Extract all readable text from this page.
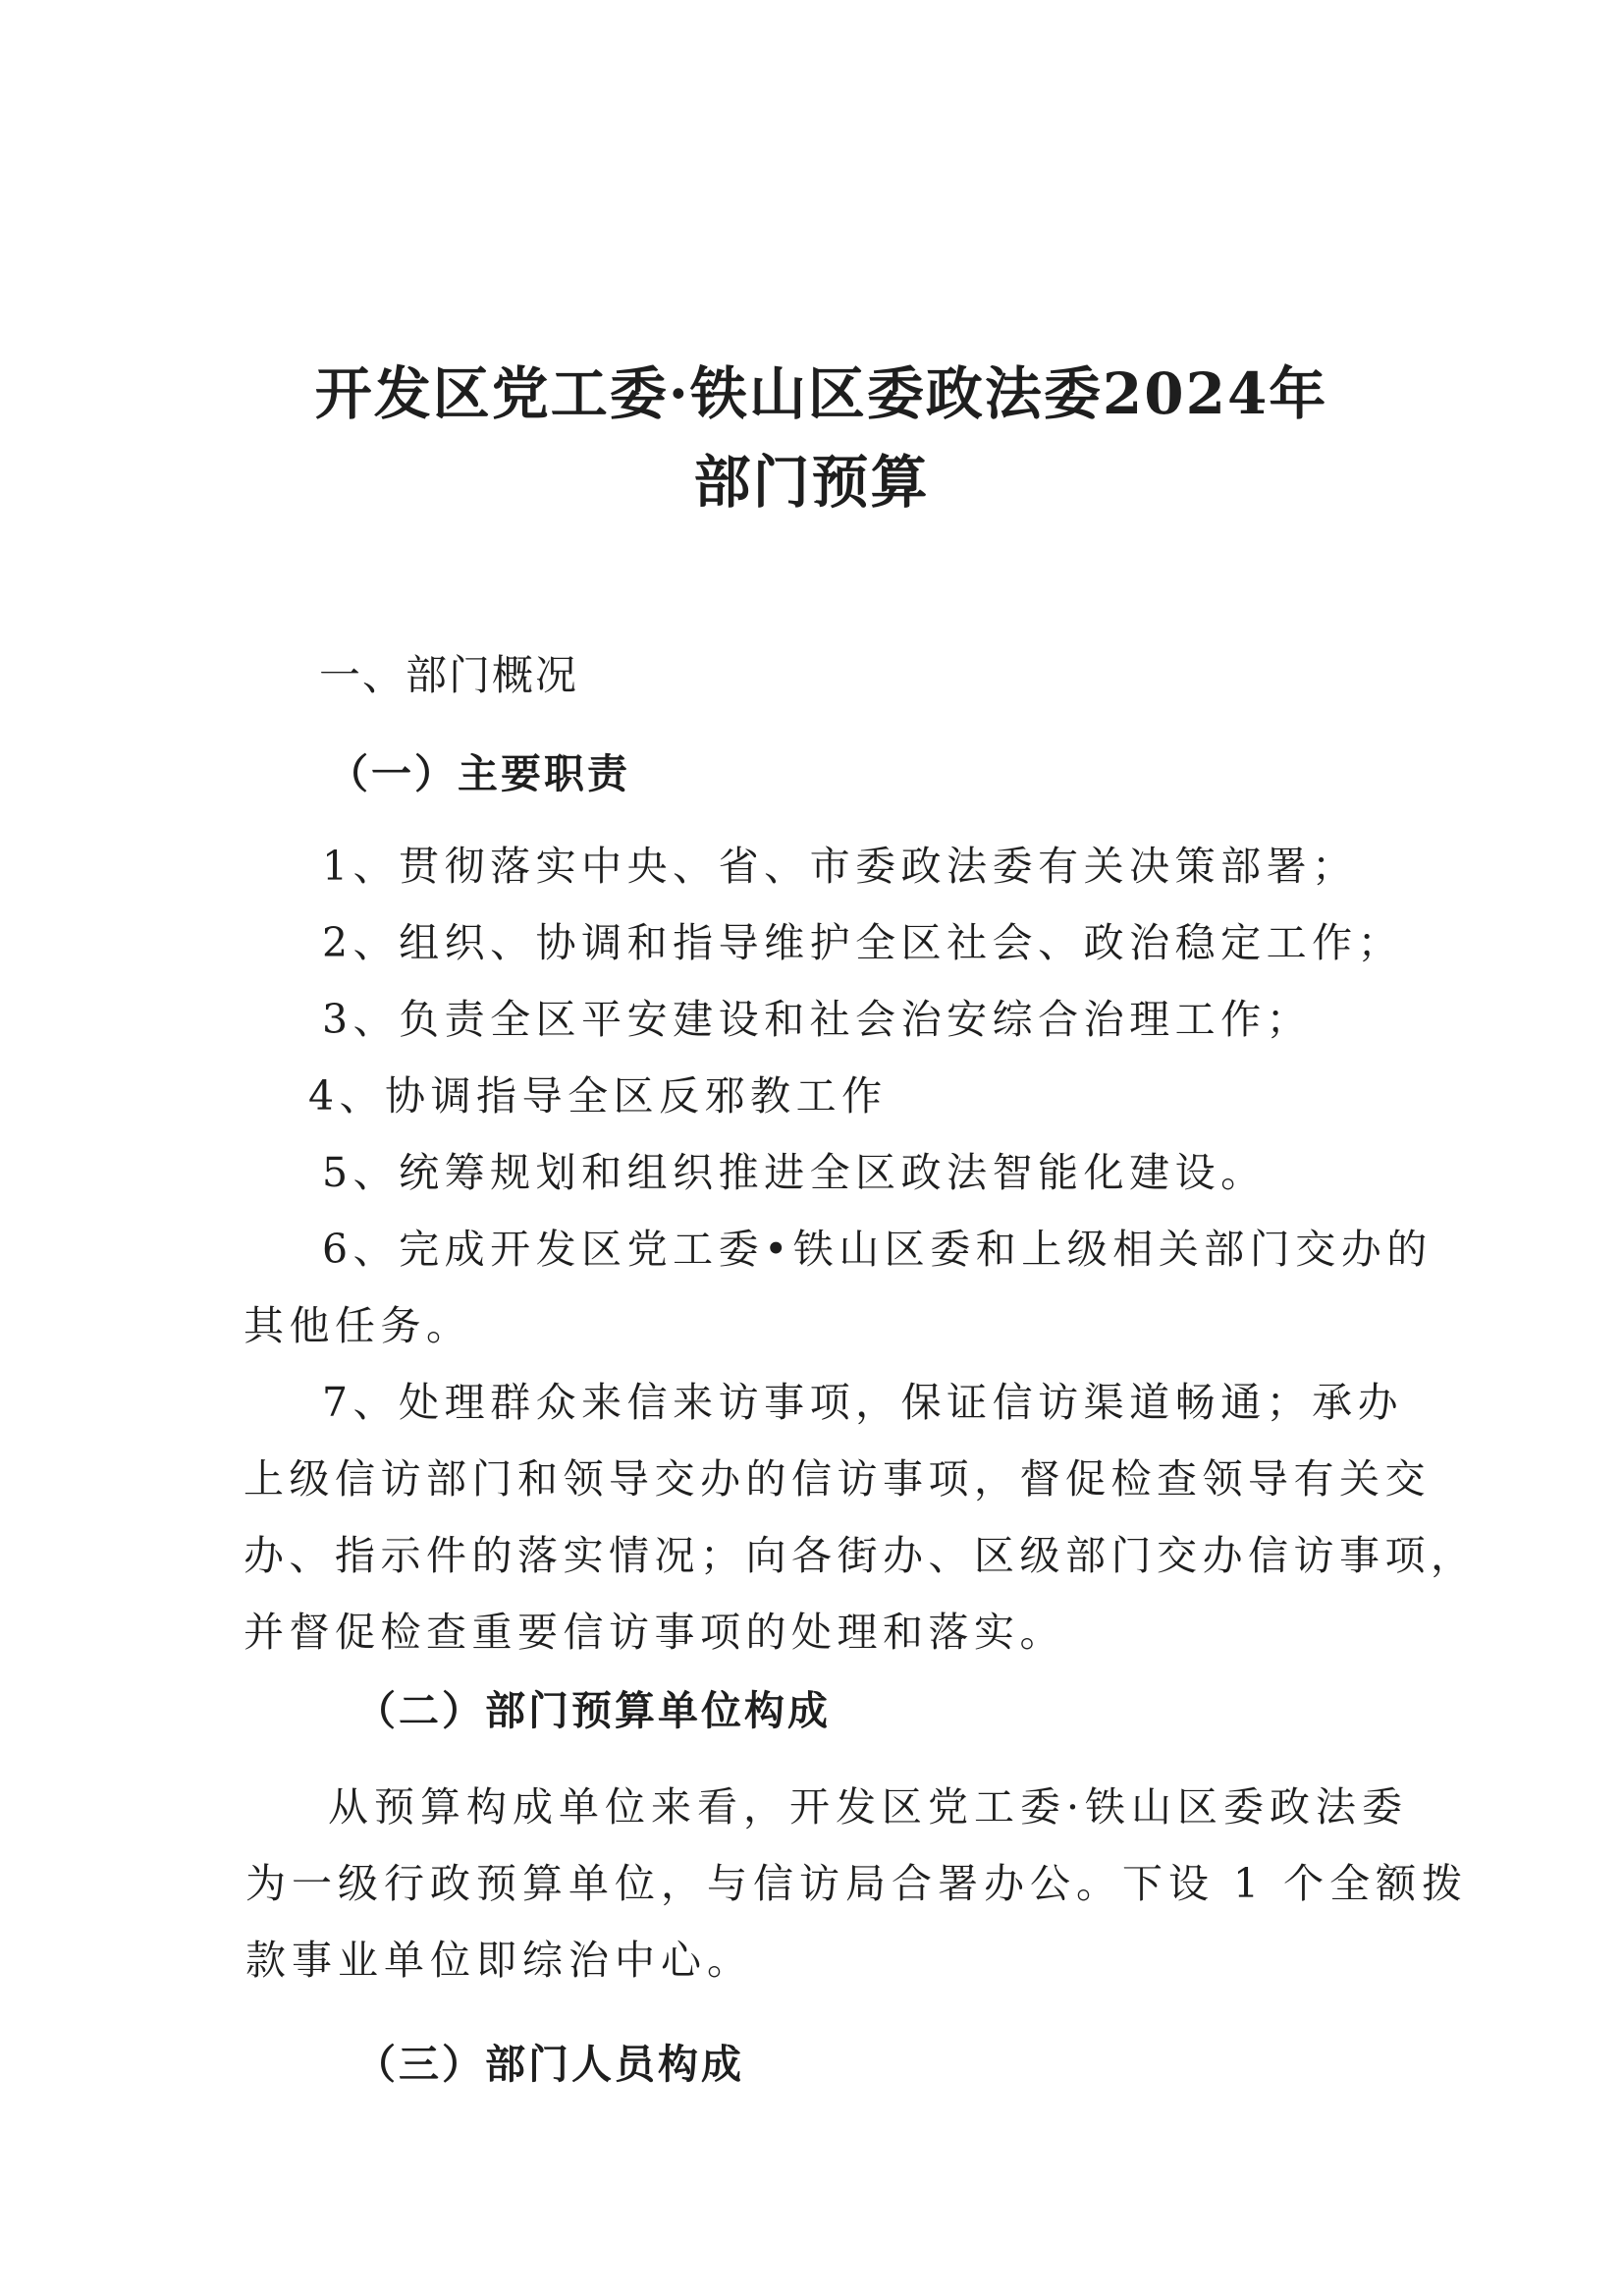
开发区党工委·铁山区委政法委2024年
部门预算
一、部门概况
（一）主要职责
1、贯彻落实中央、省、市委政法委有关决策部署；
2、组织、协调和指导维护全区社会、政治稳定工作；
3、负责全区平安建设和社会治安综合治理工作；
4、协调指导全区反邪教工作
5、统筹规划和组织推进全区政法智能化建设。
6、完成开发区党工委•铁山区委和上级相关部门交办的
其他任务。
7、处理群众来信来访事项，保证信访渠道畅通；承办
上级信访部门和领导交办的信访事项，督促检查领导有关交
办、指示件的落实情况；向各街办、区级部门交办信访事项，
并督促检查重要信访事项的处理和落实。
（二）部门预算单位构成
从预算构成单位来看，开发区党工委·铁山区委政法委
为一级行政预算单位，与信访局合署办公。下设 1 个全额拨
款事业单位即综治中心。
（三）部门人员构成
